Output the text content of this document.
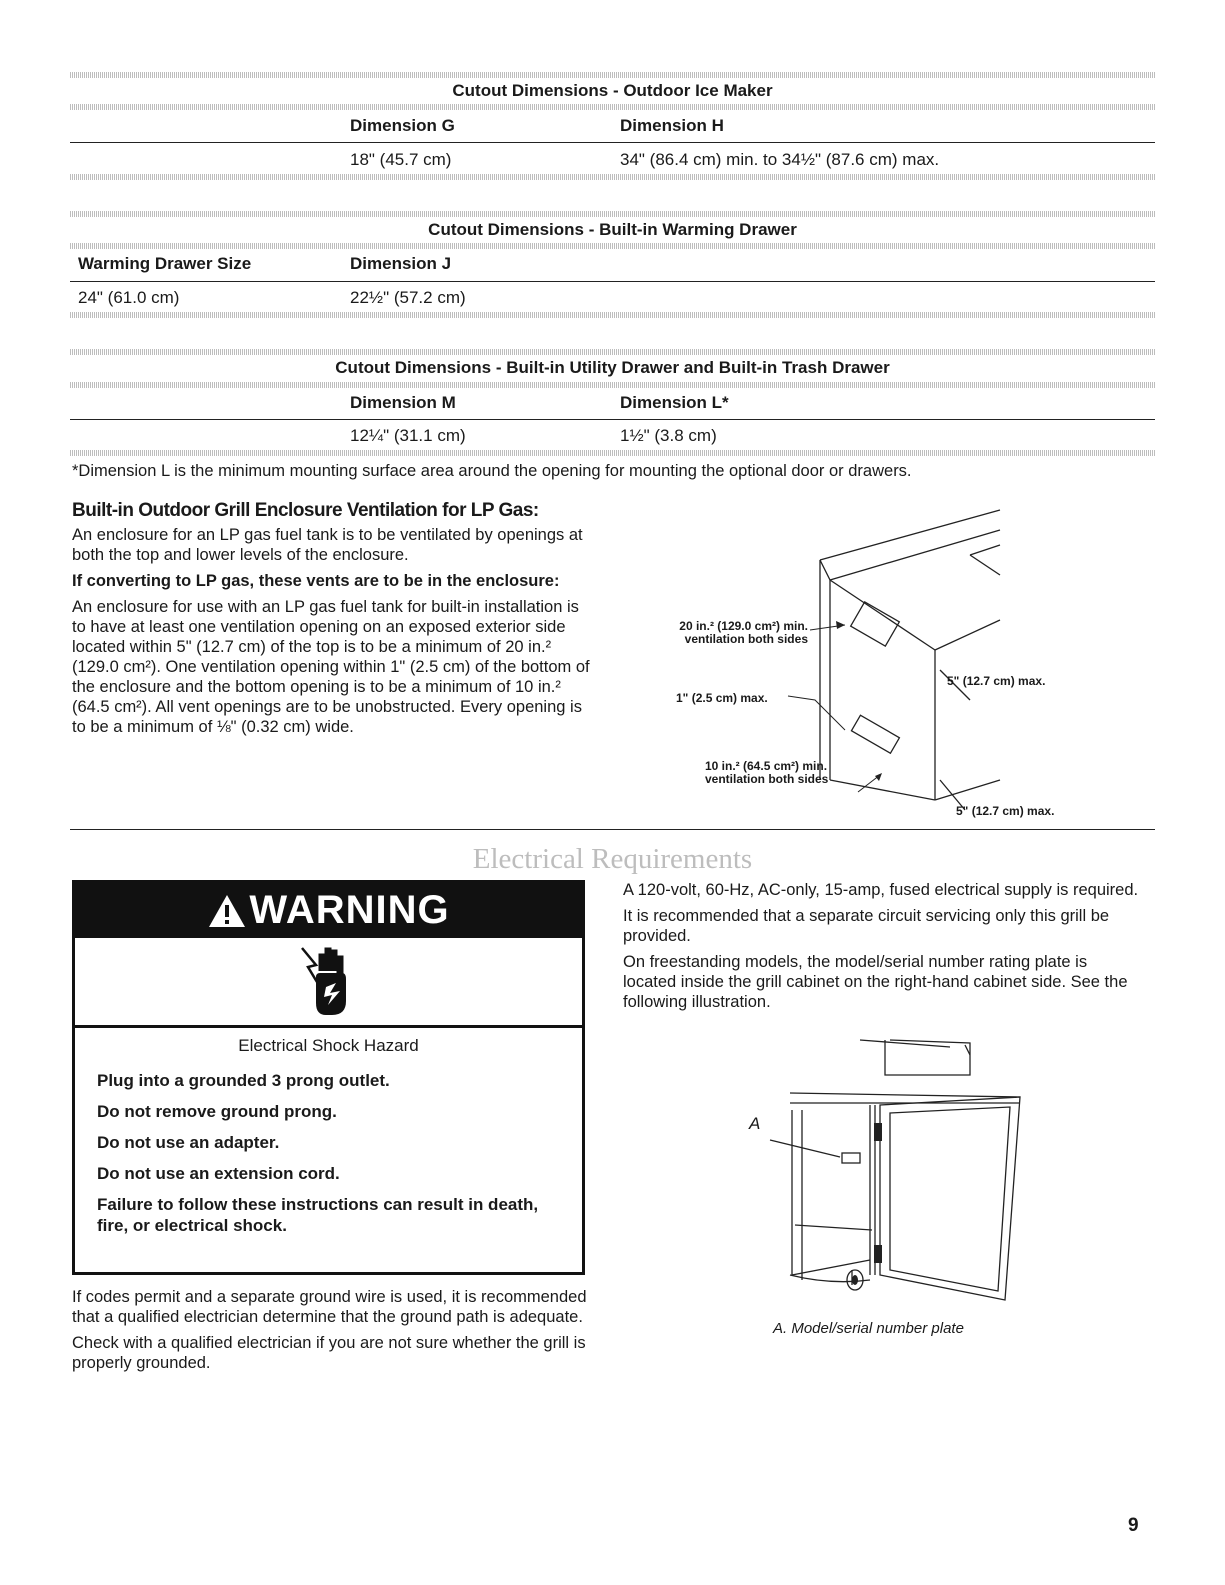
Cutout Dimensions - Outdoor Ice Maker
Dimension G	Dimension H
18" (45.7 cm)	34" (86.4 cm) min. to 34½" (87.6 cm) max.
Cutout Dimensions - Built-in Warming Drawer
Warming Drawer Size	Dimension J
24" (61.0 cm)	22½" (57.2 cm)
Cutout Dimensions - Built-in Utility Drawer and Built-in Trash Drawer
Dimension M	Dimension L*
12¼" (31.1 cm)	1½" (3.8 cm)
*Dimension L is the minimum mounting surface area around the opening for mounting the optional door or drawers.
Built-in Outdoor Grill Enclosure Ventilation for LP Gas:

An enclosure for an LP gas fuel tank is to be ventilated by openings at both the top and lower levels of the enclosure.

If converting to LP gas, these vents are to be in the enclosure:

An enclosure for use with an LP gas fuel tank for built-in installation is to have at least one ventilation opening on an exposed exterior side located within 5" (12.7 cm) of the top is to be a minimum of 20 in.² (129.0 cm²). One ventilation opening within 1" (2.5 cm) of the bottom of the enclosure and the bottom opening is to be a minimum of 10 in.² (64.5 cm²). All vent openings are to be unobstructed. Every opening is to be a minimum of ⅛" (0.32 cm) wide.

20 in.² (129.0 cm²) min.
ventilation both sides
5" (12.7 cm) max.
1" (2.5 cm) max.
10 in.² (64.5 cm²) min.
ventilation both sides
5" (12.7 cm) max.
Electrical Requirements
WARNING
Electrical Shock Hazard
Plug into a grounded 3 prong outlet.
Do not remove ground prong.
Do not use an adapter.
Do not use an extension cord.
Failure to follow these instructions can result in death, fire, or electrical shock.

If codes permit and a separate ground wire is used, it is recommended that a qualified electrician determine that the ground path is adequate.

Check with a qualified electrician if you are not sure whether the grill is properly grounded.

A 120-volt, 60-Hz, AC-only, 15-amp, fused electrical supply is required.

It is recommended that a separate circuit servicing only this grill be provided.

On freestanding models, the model/serial number rating plate is located inside the grill cabinet on the right-hand cabinet side. See the following illustration.

A
A. Model/serial number plate
9
